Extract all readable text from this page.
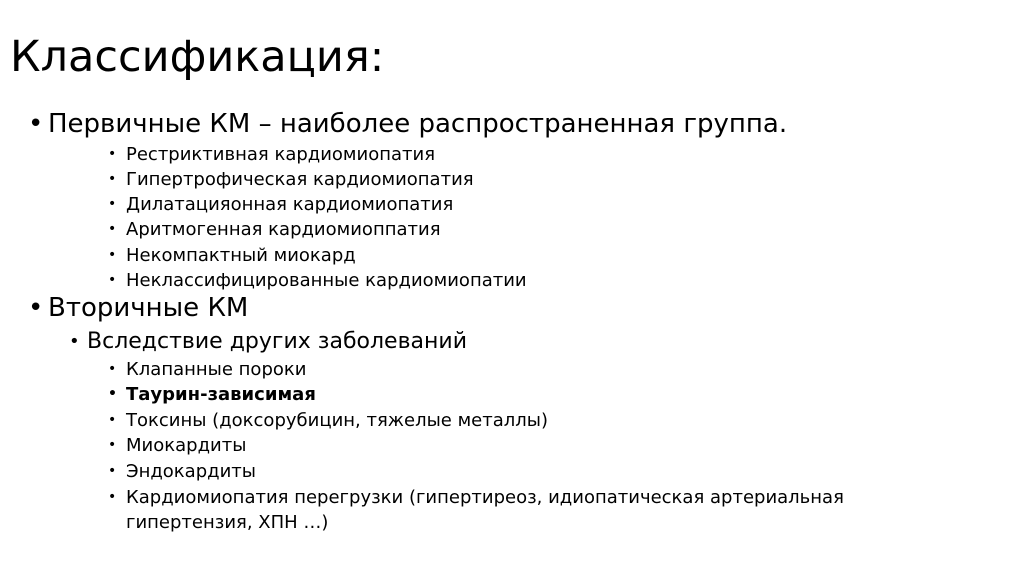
Классификация:
• Первичные КМ – наиболее распространенная группа.
• Рестриктивная кардиомиопатия
• Гипертрофическая кардиомиопатия
• Дилатацияонная кардиомиопатия
• Аритмогенная кардиомиоппатия
• Некомпактный миокард
• Неклассифицированные кардиомиопатии
• Вторичные КМ
• Вследствие других заболеваний
• Клапанные пороки
• Таурин-зависимая
• Токсины (доксорубицин, тяжелые металлы)
• Миокардиты
• Эндокардиты
• Кардиомиопатия перегрузки (гипертиреоз, идиопатическая артериальная
гипертензия, ХПН …)
